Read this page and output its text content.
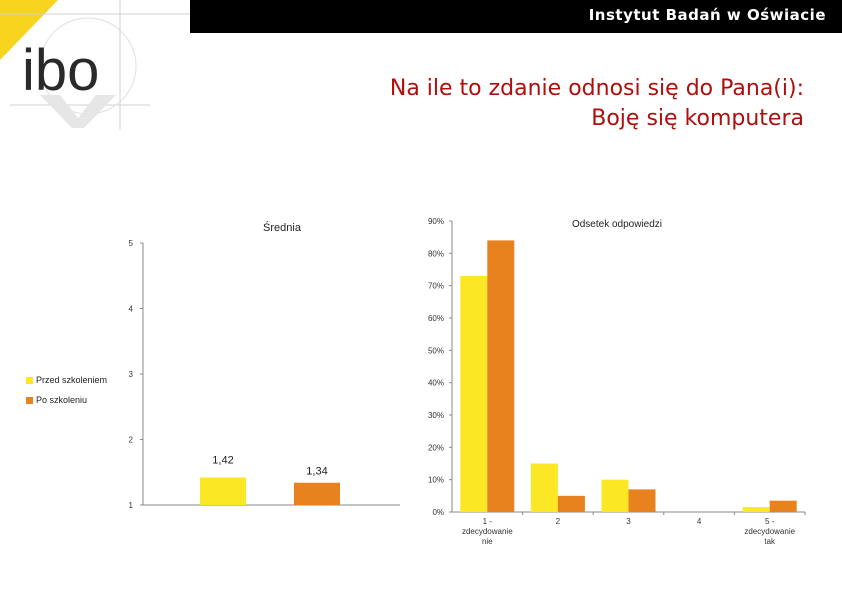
ibo
Instytut Badań w Oświacie
Na ile to zdanie odnosi się do Pana(i):
Boję się komputera
Przed szkoleniem
Po szkoleniu
Średnia
1
2
3
4
5
1,42
1,34
Odsetek odpowiedzi
0%
10%
20%
30%
40%
50%
60%
70%
80%
90%
1 -zdecydowanie nie
2	3	4	5 -zdecydowanie tak
